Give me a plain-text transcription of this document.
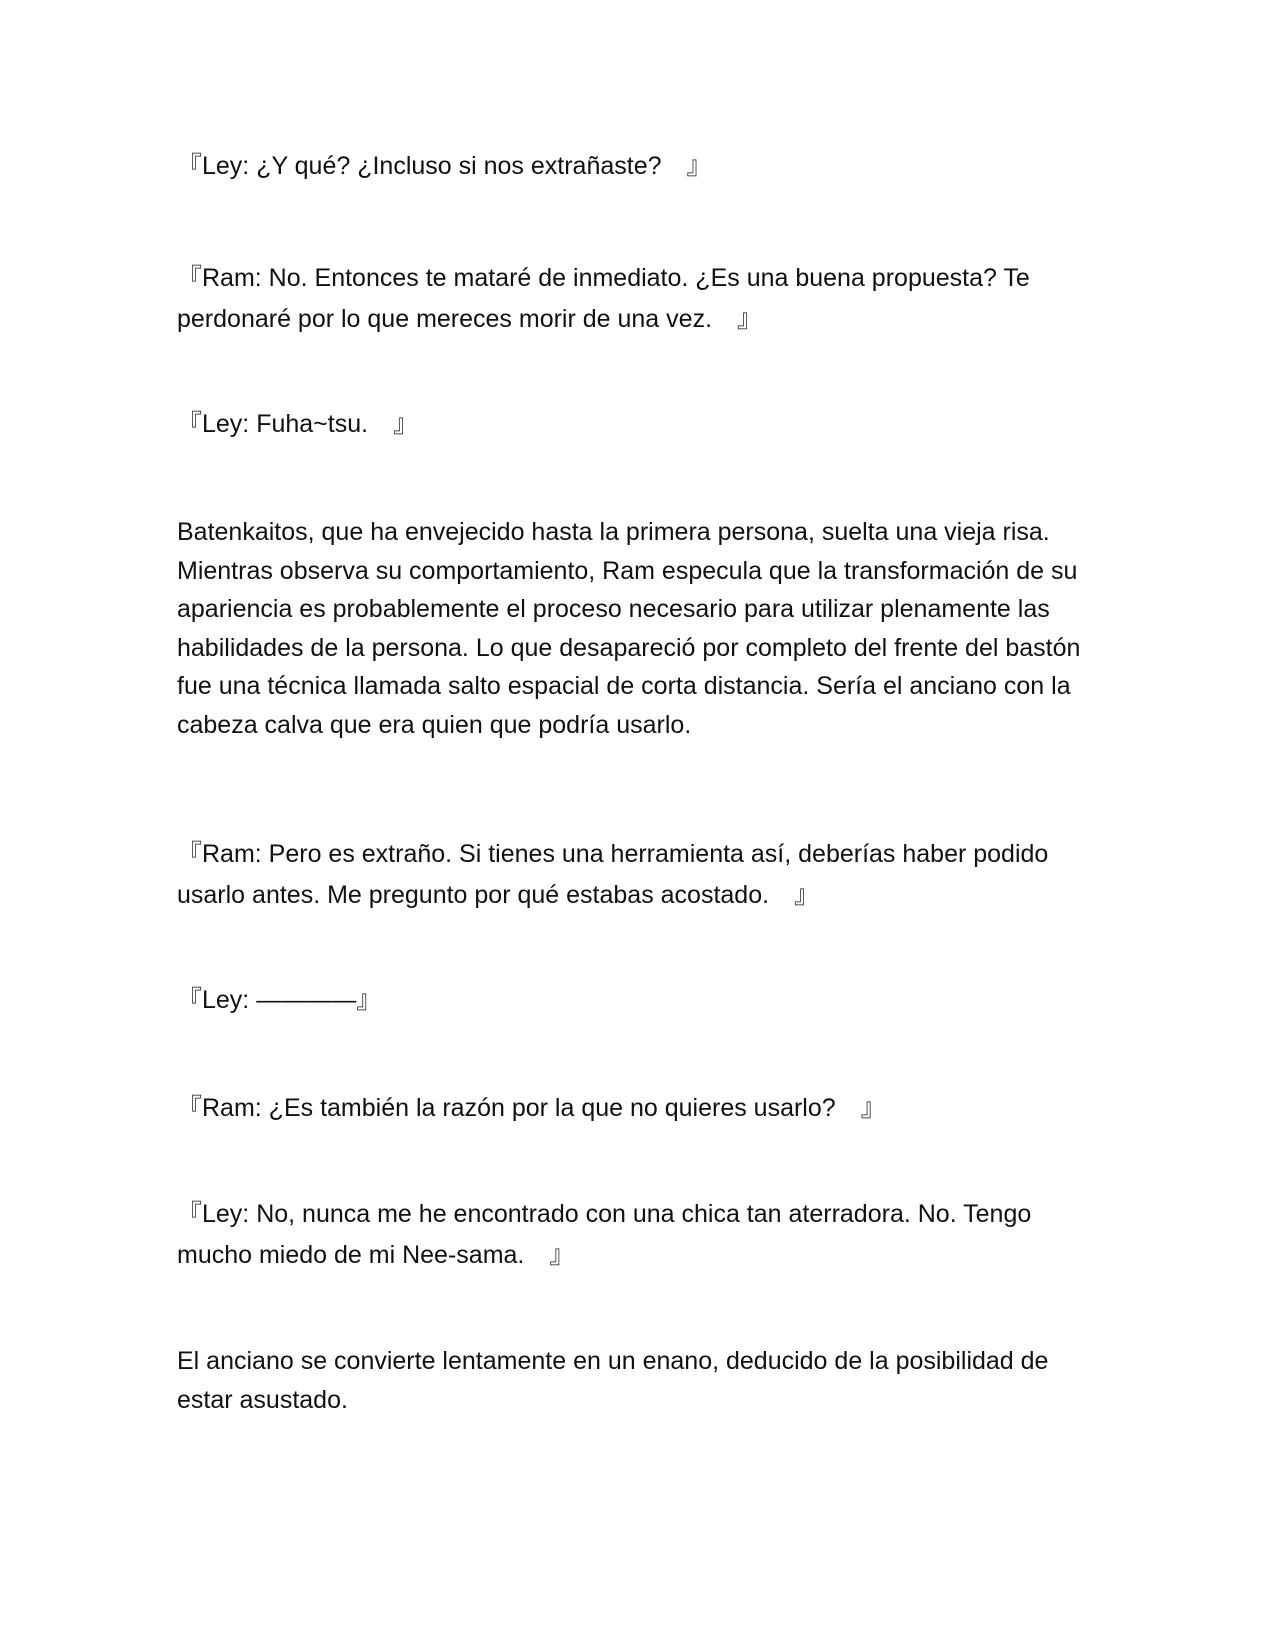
『Ley: ¿Y qué? ¿Incluso si nos extrañaste?　』

『Ram: No. Entonces te mataré de inmediato. ¿Es una buena propuesta? Te perdonaré por lo que mereces morir de una vez.　』

『Ley: Fuha~tsu.　』

Batenkaitos, que ha envejecido hasta la primera persona, suelta una vieja risa. Mientras observa su comportamiento, Ram especula que la transformación de su apariencia es probablemente el proceso necesario para utilizar plenamente las habilidades de la persona. Lo que desapareció por completo del frente del bastón fue una técnica llamada salto espacial de corta distancia. Sería el anciano con la cabeza calva que era quien que podría usarlo.

『Ram: Pero es extraño. Si tienes una herramienta así, deberías haber podido usarlo antes. Me pregunto por qué estabas acostado.　』

『Ley: ————』

『Ram: ¿Es también la razón por la que no quieres usarlo?　』

『Ley: No, nunca me he encontrado con una chica tan aterradora. No. Tengo mucho miedo de mi Nee-sama.　』

El anciano se convierte lentamente en un enano, deducido de la posibilidad de estar asustado.
